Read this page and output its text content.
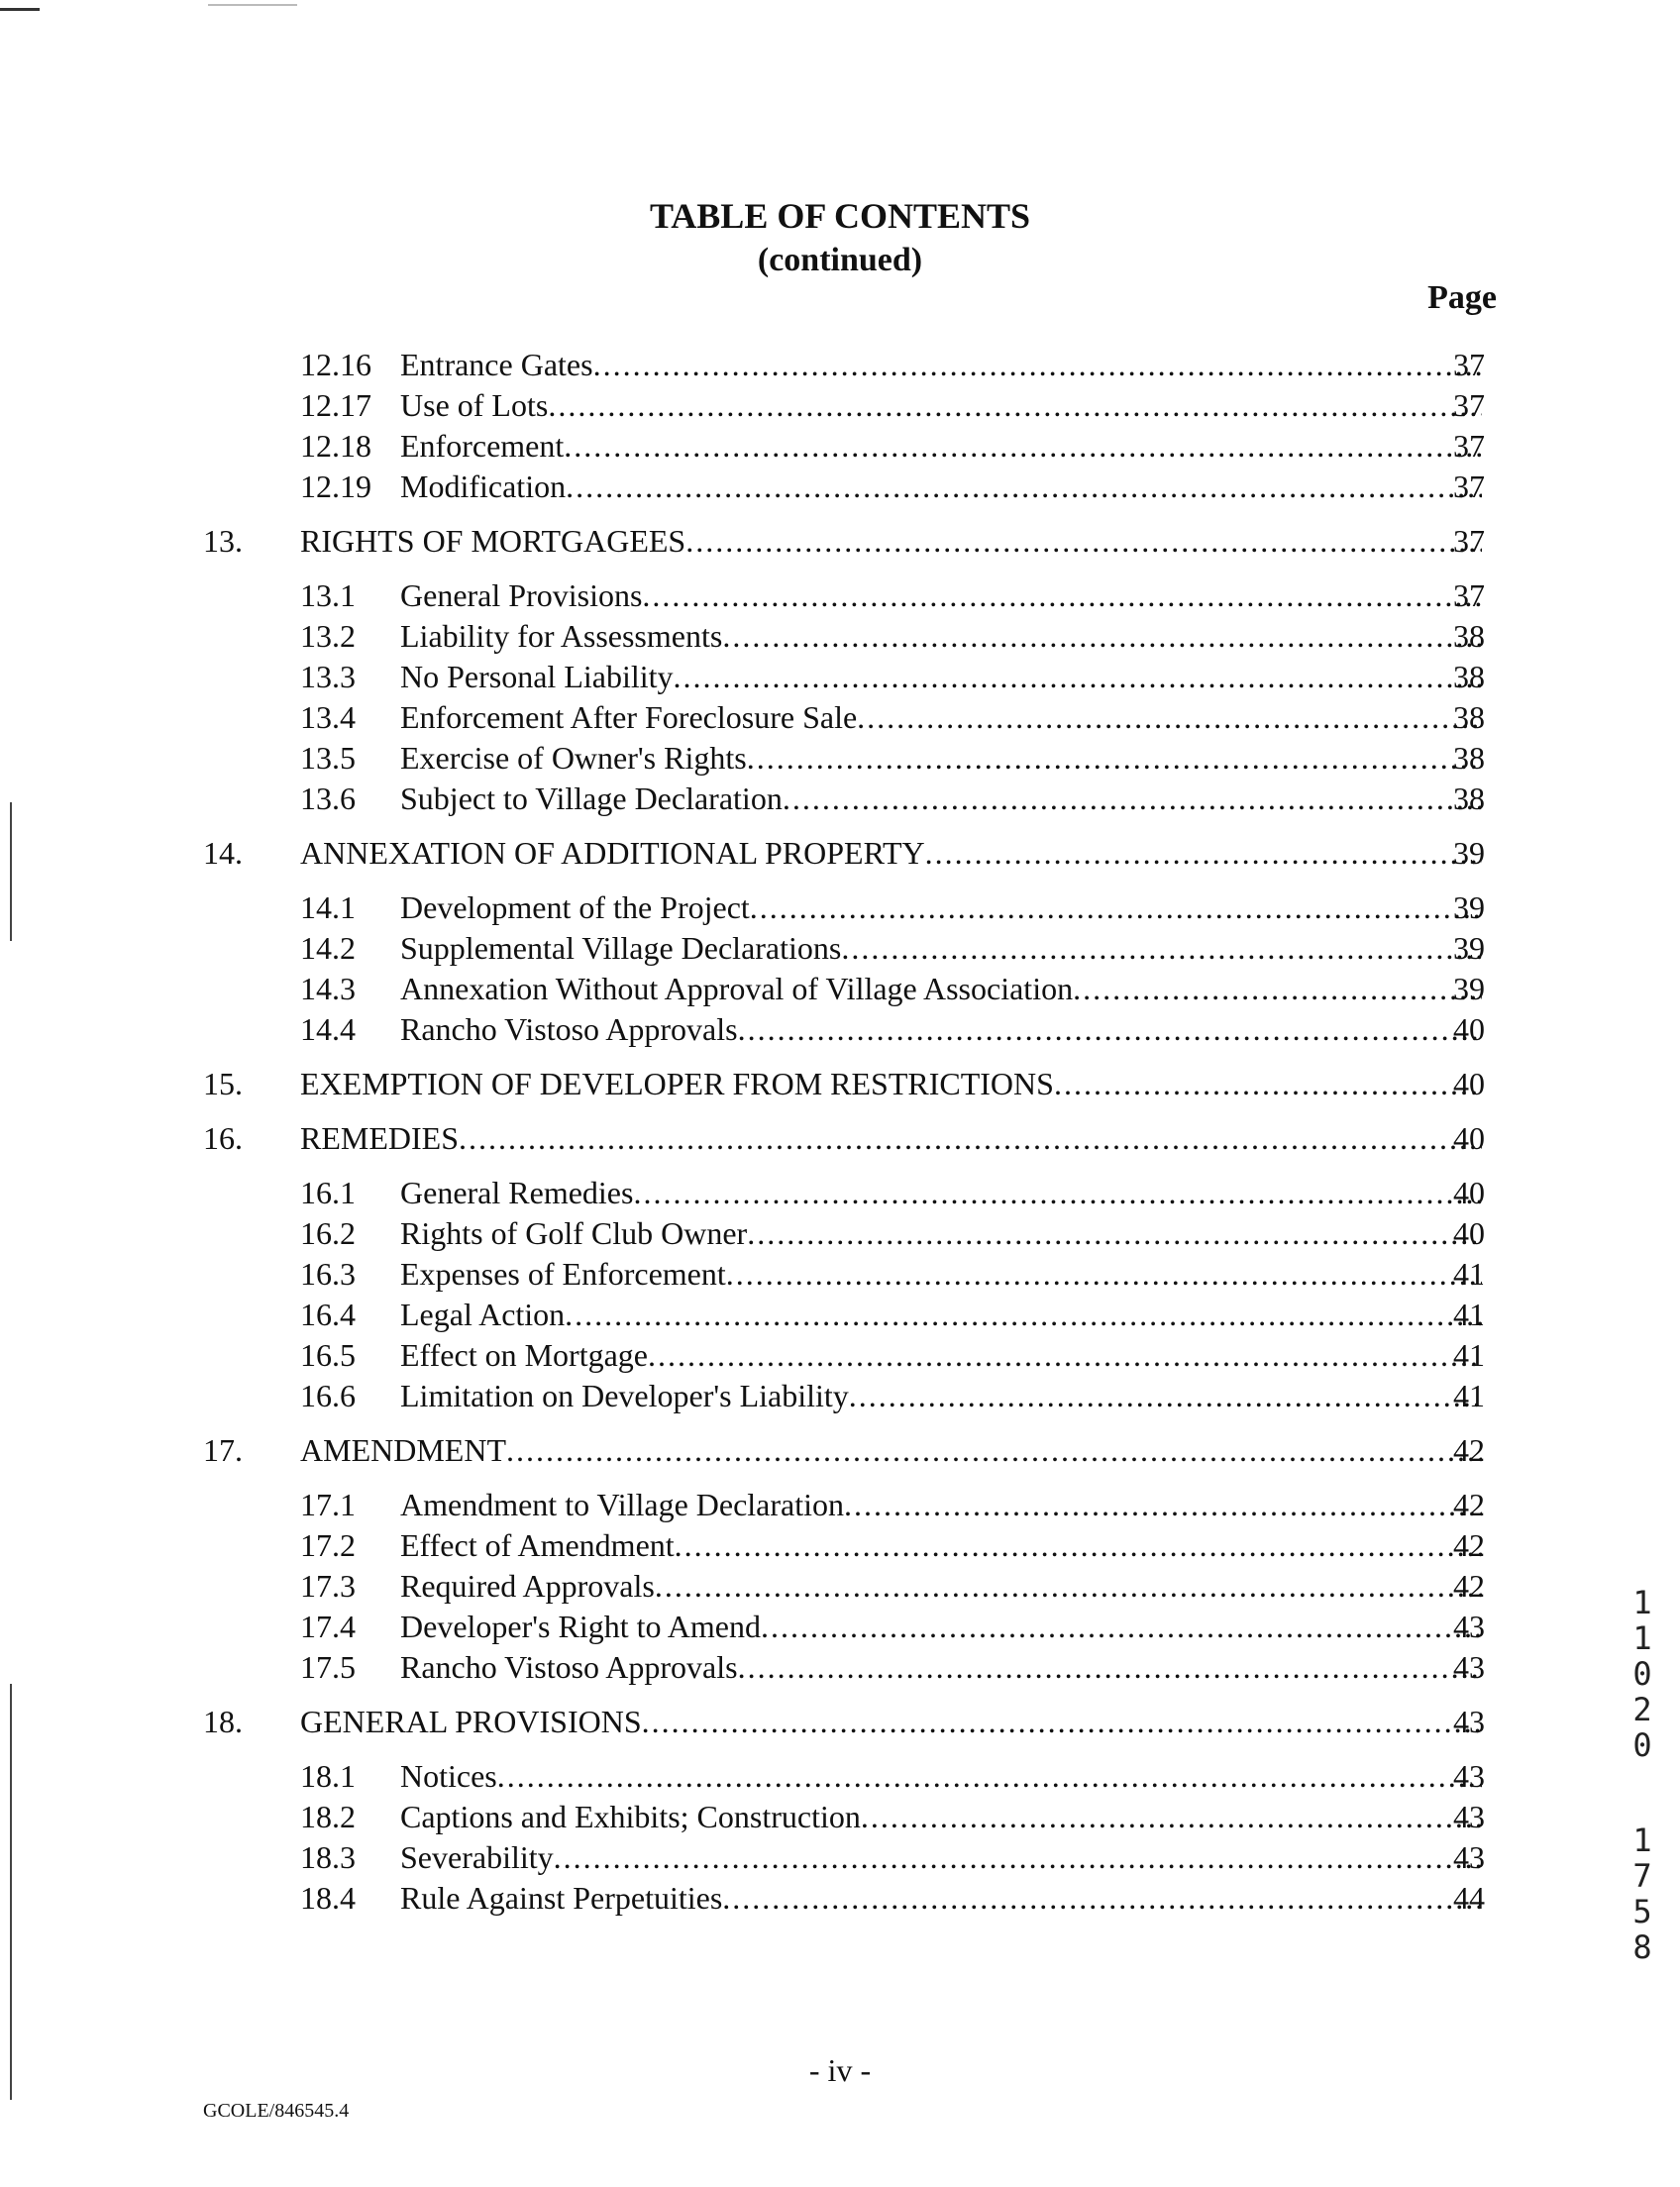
TABLE OF CONTENTS
(continued)
Page
12.16 Entrance Gates .....	37
12.17 Use of Lots .....	37
12.18 Enforcement .....	37
12.19 Modification .....	37
13. RIGHTS OF MORTGAGEES .....	37
13.1 General Provisions .....	37
13.2 Liability for Assessments .....	38
13.3 No Personal Liability .....	38
13.4 Enforcement After Foreclosure Sale .....	38
13.5 Exercise of Owner's Rights .....	38
13.6 Subject to Village Declaration .....	38
14. ANNEXATION OF ADDITIONAL PROPERTY .....	39
14.1 Development of the Project .....	39
14.2 Supplemental Village Declarations .....	39
14.3 Annexation Without Approval of Village Association .....	39
14.4 Rancho Vistoso Approvals .....	40
15. EXEMPTION OF DEVELOPER FROM RESTRICTIONS .....	40
16. REMEDIES .....	40
16.1 General Remedies .....	40
16.2 Rights of Golf Club Owner .....	40
16.3 Expenses of Enforcement .....	41
16.4 Legal Action .....	41
16.5 Effect on Mortgage .....	41
16.6 Limitation on Developer's Liability .....	41
17. AMENDMENT .....	42
17.1 Amendment to Village Declaration .....	42
17.2 Effect of Amendment .....	42
17.3 Required Approvals .....	42
17.4 Developer's Right to Amend .....	43
17.5 Rancho Vistoso Approvals .....	43
18. GENERAL PROVISIONS .....	43
18.1 Notices .....	43
18.2 Captions and Exhibits; Construction .....	43
18.3 Severability .....	43
18.4 Rule Against Perpetuities .....	44
- iv -
GCOLE/846545.4
1
1
0
2
0
1
7
5
8
